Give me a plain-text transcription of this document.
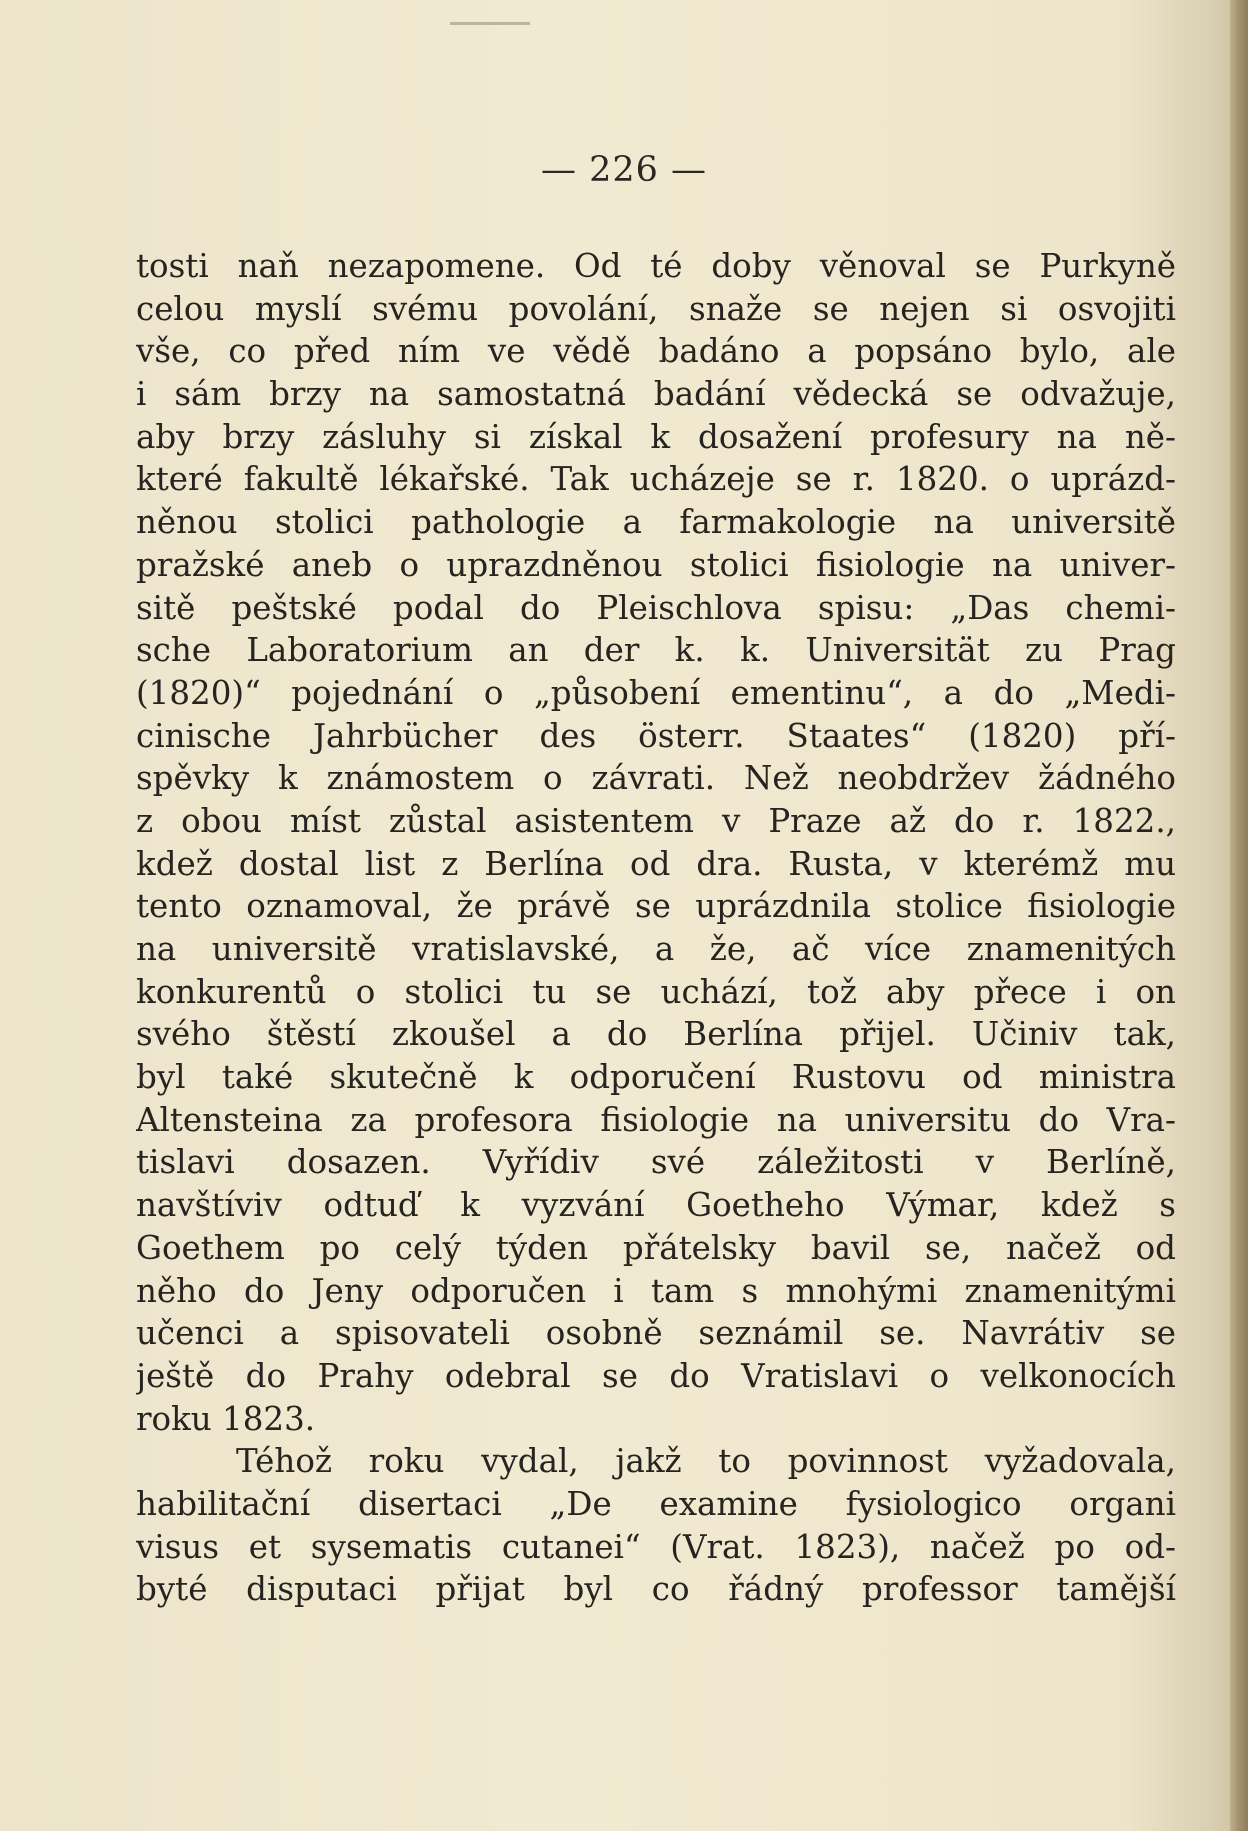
— 226 —
tosti naň nezapomene. Od té doby věnoval se Purkyně
celou myslí svému povolání, snaže se nejen si osvojiti
vše, co před ním ve vědě badáno a popsáno bylo, ale
i sám brzy na samostatná badání vědecká se odvažuje,
aby brzy zásluhy si získal k dosažení profesury na ně-
které fakultě lékařské. Tak ucházeje se r. 1820. o uprázd-
něnou stolici pathologie a farmakologie na universitě
pražské aneb o uprazdněnou stolici fisiologie na univer-
sitě peštské podal do Pleischlova spisu: „Das chemi-
sche Laboratorium an der k. k. Universität zu Prag
(1820)“ pojednání o „působení ementinu“, a do „Medi-
cinische Jahrbücher des österr. Staates“ (1820) pří-
spěvky k známostem o závrati. Než neobdržev žádného
z obou míst zůstal asistentem v Praze až do r. 1822.,
kdež dostal list z Berlína od dra. Rusta, v kterémž mu
tento oznamoval, že právě se uprázdnila stolice fisiologie
na universitě vratislavské, a že, ač více znamenitých
konkurentů o stolici tu se uchází, tož aby přece i on
svého štěstí zkoušel a do Berlína přijel. Učiniv tak,
byl také skutečně k odporučení Rustovu od ministra
Altensteina za profesora fisiologie na universitu do Vra-
tislavi dosazen. Vyřídiv své záležitosti v Berlíně,
navštíviv odtuď k vyzvání Goetheho Výmar, kdež s
Goethem po celý týden přátelsky bavil se, načež od
něho do Jeny odporučen i tam s mnohými znamenitými
učenci a spisovateli osobně seznámil se. Navrátiv se
ještě do Prahy odebral se do Vratislavi o velkonocích
roku 1823.
Téhož roku vydal, jakž to povinnost vyžadovala,
habilitační disertaci „De examine fysiologico organi
visus et sysematis cutanei“ (Vrat. 1823), načež po od-
byté disputaci přijat byl co řádný professor tamější
